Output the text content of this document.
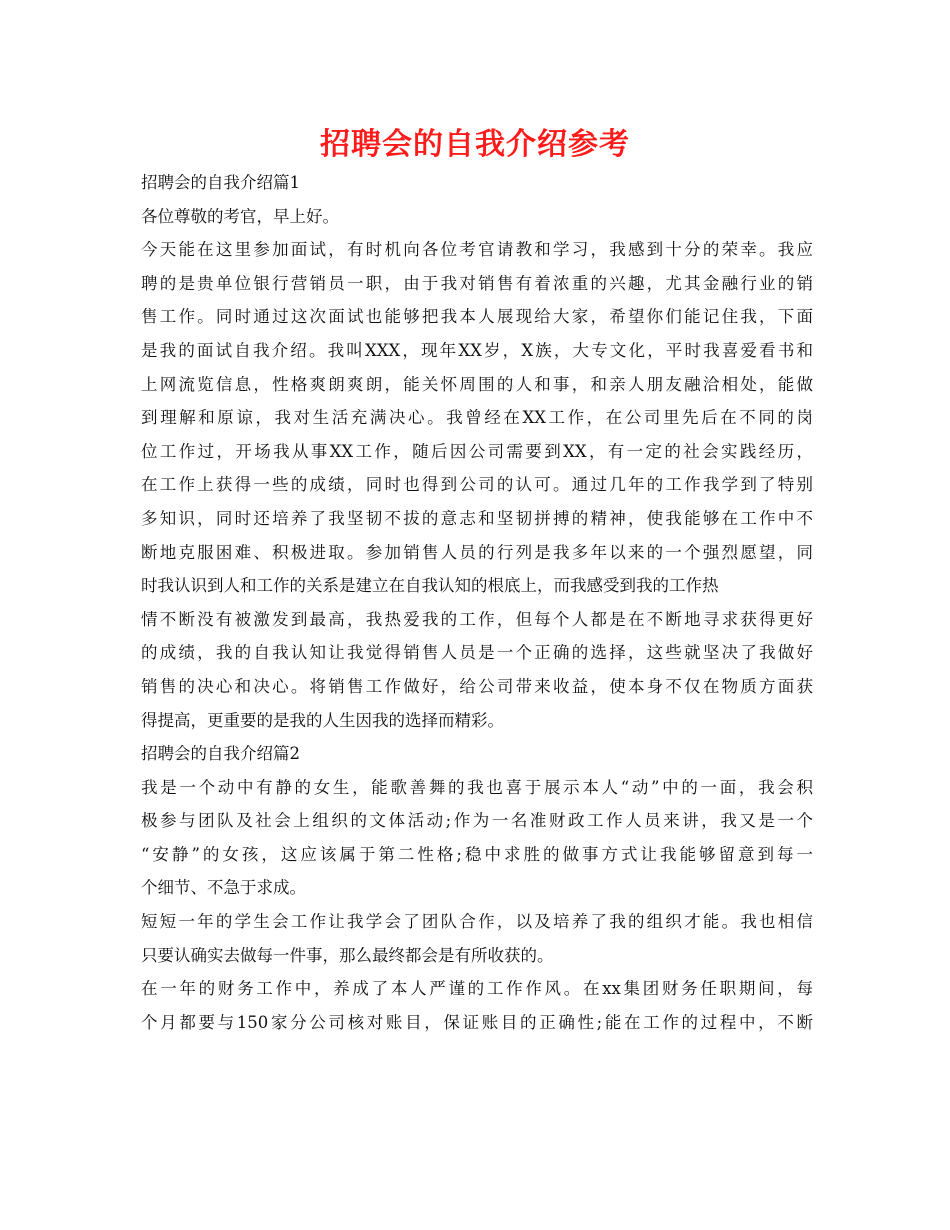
招聘会的自我介绍参考
招聘会的自我介绍篇1
各位尊敬的考官，早上好。
今天能在这里参加面试，有时机向各位考官请教和学习，我感到十分的荣幸。我应
聘的是贵单位银行营销员一职，由于我对销售有着浓重的兴趣，尤其金融行业的销
售工作。同时通过这次面试也能够把我本人展现给大家，希望你们能记住我，下面
是我的面试自我介绍。我叫XXX，现年XX岁，X族，大专文化，平时我喜爱看书和
上网流览信息，性格爽朗爽朗，能关怀周围的人和事，和亲人朋友融洽相处，能做
到理解和原谅，我对生活充满决心。我曾经在XX工作，在公司里先后在不同的岗
位工作过，开场我从事XX工作，随后因公司需要到XX，有一定的社会实践经历，
在工作上获得一些的成绩，同时也得到公司的认可。通过几年的工作我学到了特别
多知识，同时还培养了我坚韧不拔的意志和坚韧拼搏的精神，使我能够在工作中不
断地克服困难、积极进取。参加销售人员的行列是我多年以来的一个强烈愿望，同
时我认识到人和工作的关系是建立在自我认知的根底上，而我感受到我的工作热
情不断没有被激发到最高，我热爱我的工作，但每个人都是在不断地寻求获得更好
的成绩，我的自我认知让我觉得销售人员是一个正确的选择，这些就坚决了我做好
销售的决心和决心。将销售工作做好，给公司带来收益，使本身不仅在物质方面获
得提高，更重要的是我的人生因我的选择而精彩。
招聘会的自我介绍篇2
我是一个动中有静的女生，能歌善舞的我也喜于展示本人“动”中的一面，我会积
极参与团队及社会上组织的文体活动;作为一名准财政工作人员来讲，我又是一个
“安静”的女孩，这应该属于第二性格;稳中求胜的做事方式让我能够留意到每一
个细节、不急于求成。
短短一年的学生会工作让我学会了团队合作，以及培养了我的组织才能。我也相信
只要认确实去做每一件事，那么最终都会是有所收获的。
在一年的财务工作中，养成了本人严谨的工作作风。在xx集团财务任职期间，每
个月都要与150家分公司核对账目，保证账目的正确性;能在工作的过程中，不断
